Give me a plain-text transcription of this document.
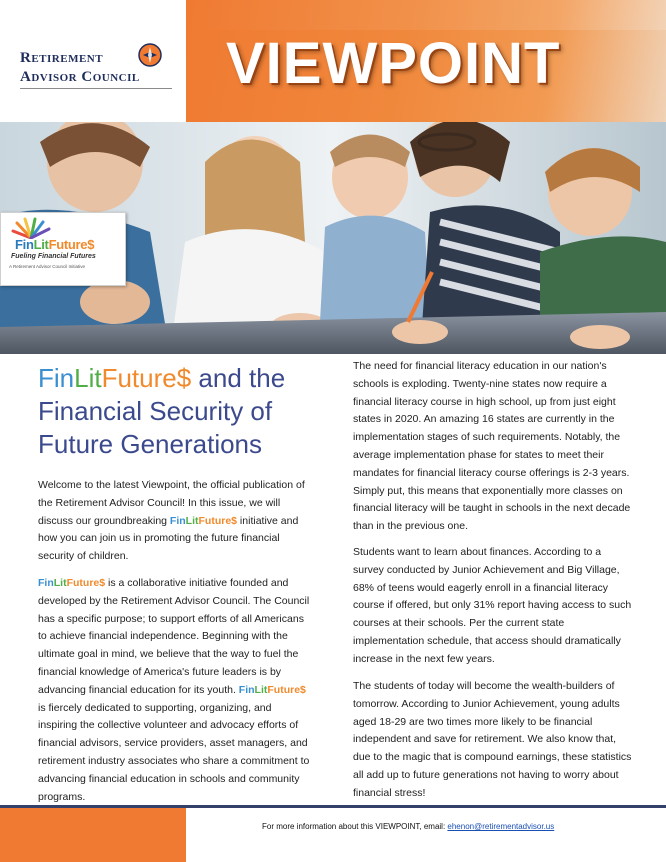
Retirement
Advisor Council VIEWPOINT
FinLitFuture$
Fueling Financial Futures
A Retirement Advisor Council Initiative
FinLitFuture$ and the Financial Security of Future Generations

Welcome to the latest Viewpoint, the official publication of the Retirement Advisor Council! In this issue, we will discuss our groundbreaking FinLitFuture$ initiative and how you can join us in promoting the future financial security of children.

FinLitFuture$ is a collaborative initiative founded and developed by the Retirement Advisor Council. The Council has a specific purpose; to support efforts of all Americans to achieve financial independence. Beginning with the ultimate goal in mind, we believe that the way to fuel the financial knowledge of America's future leaders is by advancing financial education for its youth. FinLitFuture$ is fiercely dedicated to supporting, organizing, and inspiring the collective volunteer and advocacy efforts of financial advisors, service providers, asset managers, and retirement industry associates who share a commitment to advancing financial education in schools and community programs.

The need for financial literacy education in our nation's schools is exploding. Twenty-nine states now require a financial literacy course in high school, up from just eight states in 2020. An amazing 16 states are currently in the implementation stages of such requirements. Notably, the average implementation phase for states to meet their mandates for financial literacy course offerings is 2-3 years. Simply put, this means that exponentially more classes on financial literacy will be taught in schools in the next decade than in the previous one.

Students want to learn about finances. According to a survey conducted by Junior Achievement and Big Village, 68% of teens would eagerly enroll in a financial literacy course if offered, but only 31% report having access to such courses at their schools. Per the current state implementation schedule, that access should dramatically increase in the next few years.

The students of today will become the wealth-builders of tomorrow. According to Junior Achievement, young adults aged 18-29 are two times more likely to be financial independent and save for retirement. We also know that, due to the magic that is compound earnings, these statistics all add up to future generations not having to worry about financial stress!

For more information about this VIEWPOINT, email: ehenon@retirementadvisor.us
